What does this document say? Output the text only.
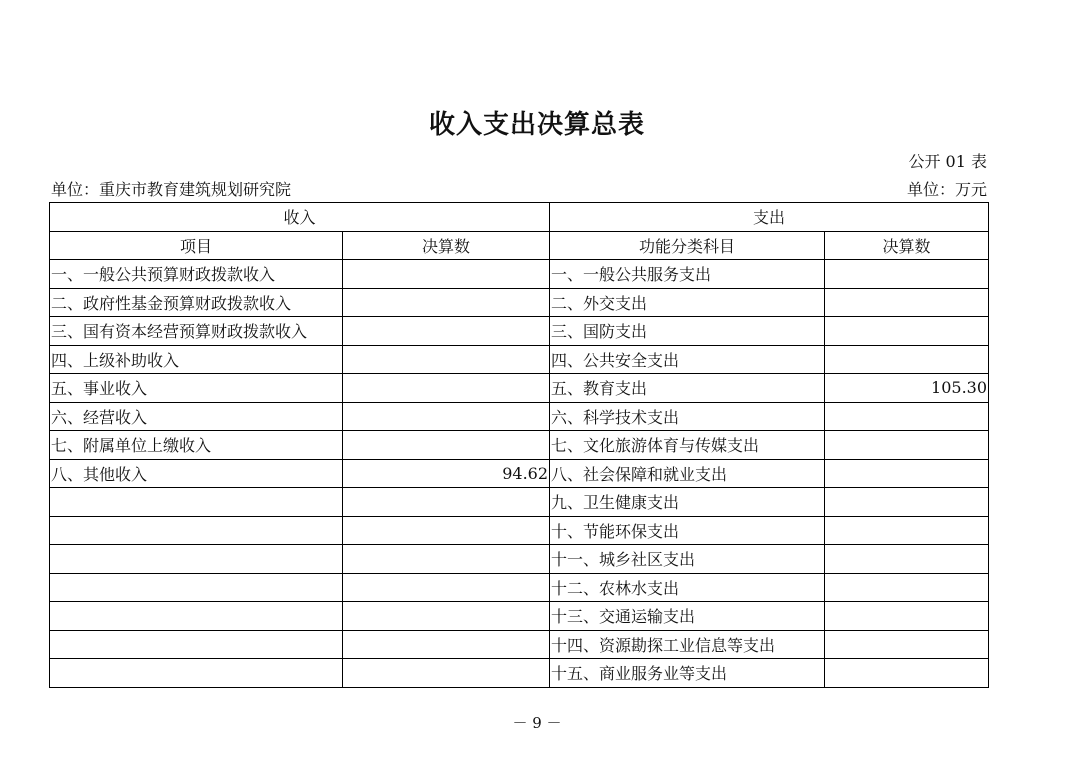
收入支出决算总表
公开 01 表
单位：重庆市教育建筑规划研究院	单位：万元
收入		支出	
项目	决算数	功能分类科目	决算数
一、一般公共预算财政拨款收入		一、一般公共服务支出	
二、政府性基金预算财政拨款收入		二、外交支出	
三、国有资本经营预算财政拨款收入		三、国防支出	
四、上级补助收入		四、公共安全支出	
五、事业收入		五、教育支出	105.30
六、经营收入		六、科学技术支出	
七、附属单位上缴收入		七、文化旅游体育与传媒支出	
八、其他收入	94.62	八、社会保障和就业支出	
		九、卫生健康支出	
		十、节能环保支出	
		十一、城乡社区支出	
		十二、农林水支出	
		十三、交通运输支出	
		十四、资源勘探工业信息等支出	
		十五、商业服务业等支出	
－ 9 －
